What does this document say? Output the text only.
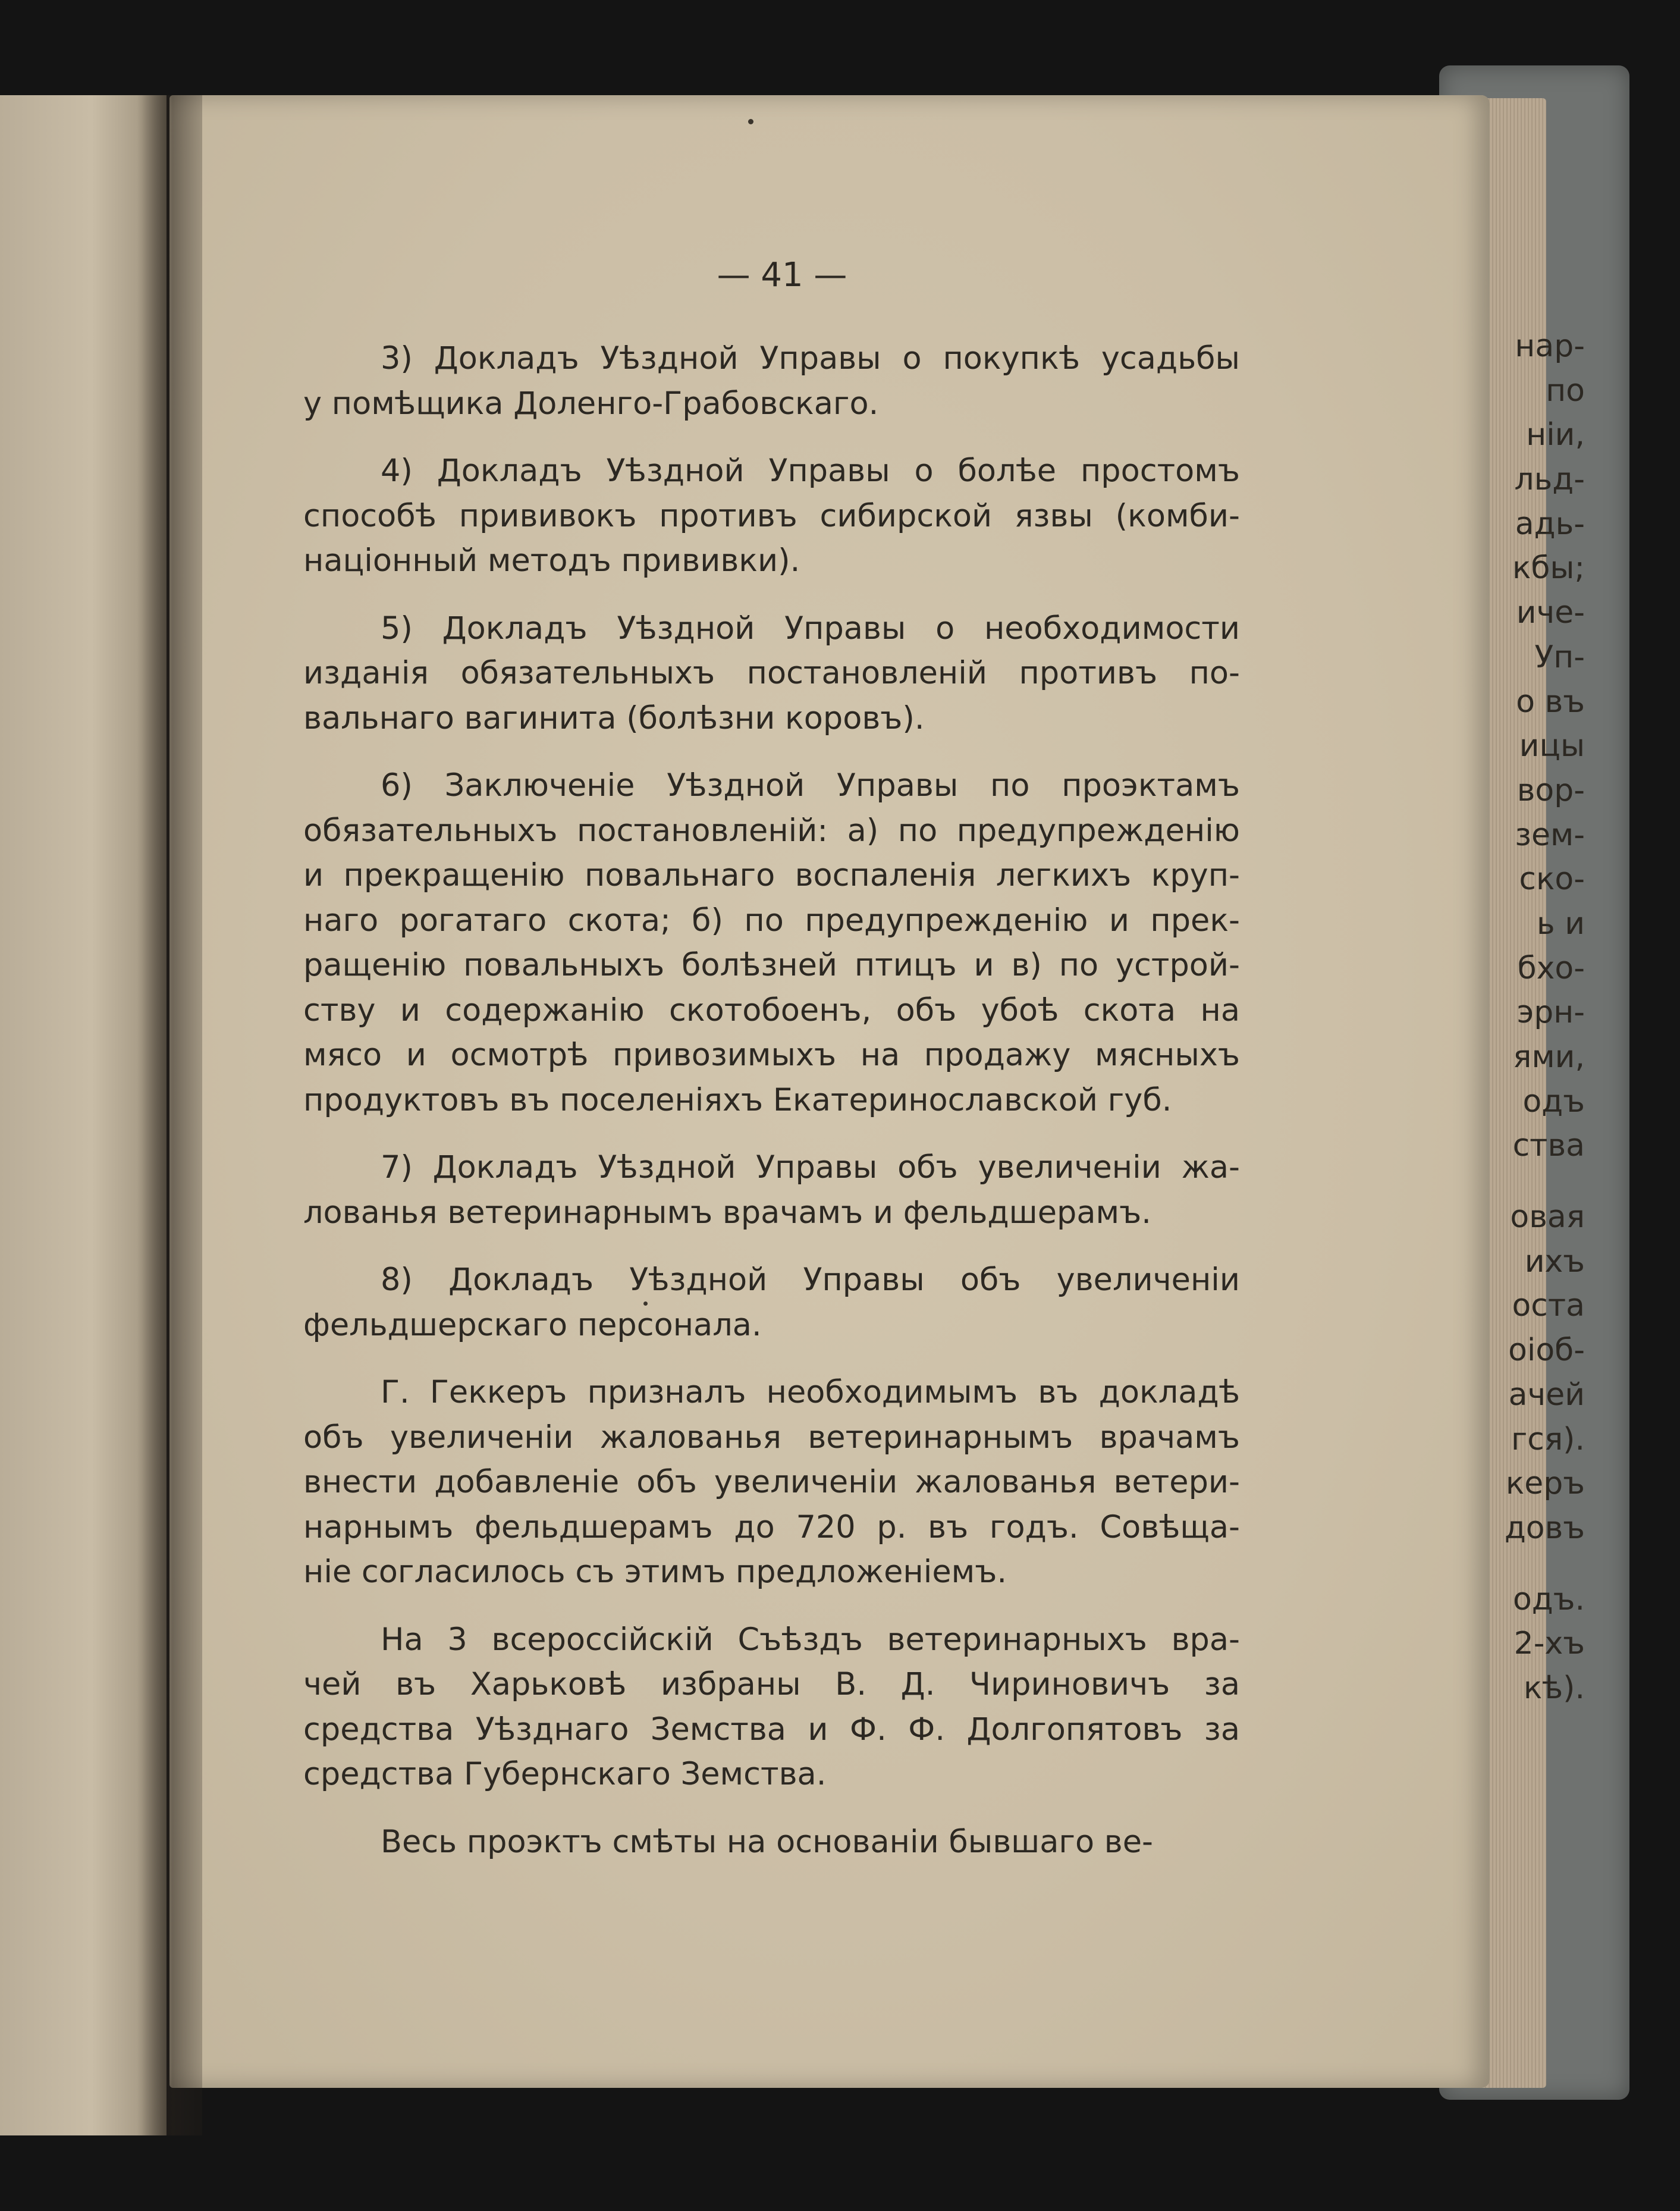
нар-
по
ніи,
льд-
адь-
кбы;
иче-
Уп-
о въ
ицы
вор-
зем-
ско-
ь и
бхо-
эрн-
ями,
одъ
ства
овая
ихъ
оста
оіоб-
ачей
гся).
керъ
довъ
одъ.
2-хъ
кѣ).
— 41 —
3) Докладъ Уѣздной Управы о покупкѣ усадьбы
у помѣщика Доленго-Грабовскаго.
4) Докладъ Уѣздной Управы о болѣе простомъ
способѣ прививокъ противъ сибирской язвы (комби-
націонный методъ прививки).
5) Докладъ Уѣздной Управы о необходимости
изданія обязательныхъ постановленій противъ по-
вальнаго вагинита (болѣзни коровъ).
6) Заключеніе Уѣздной Управы по проэктамъ
обязательныхъ постановленій: а) по предупрежденію
и прекращенію повальнаго воспаленія легкихъ круп-
наго рогатаго скота; б) по предупрежденію и прек-
ращенію повальныхъ болѣзней птицъ и в) по устрой-
ству и содержанію скотобоенъ, объ убоѣ скота на
мясо и осмотрѣ привозимыхъ на продажу мясныхъ
продуктовъ въ поселеніяхъ Екатеринославской губ.
7) Докладъ Уѣздной Управы объ увеличеніи жа-
лованья ветеринарнымъ врачамъ и фельдшерамъ.
8) Докладъ Уѣздной Управы объ увеличеніи
фельдшерскаго персонала.
Г. Геккеръ призналъ необходимымъ въ докладѣ
объ увеличеніи жалованья ветеринарнымъ врачамъ
внести добавленіе объ увеличеніи жалованья ветери-
нарнымъ фельдшерамъ до 720 р. въ годъ. Совѣща-
ніе согласилось съ этимъ предложеніемъ.
На 3 всероссійскій Съѣздъ ветеринарныхъ вра-
чей въ Харьковѣ избраны В. Д. Чириновичъ за
средства Уѣзднаго Земства и Ф. Ф. Долгопятовъ за
средства Губернскаго Земства.
Весь проэктъ смѣты на основаніи бывшаго ве-
